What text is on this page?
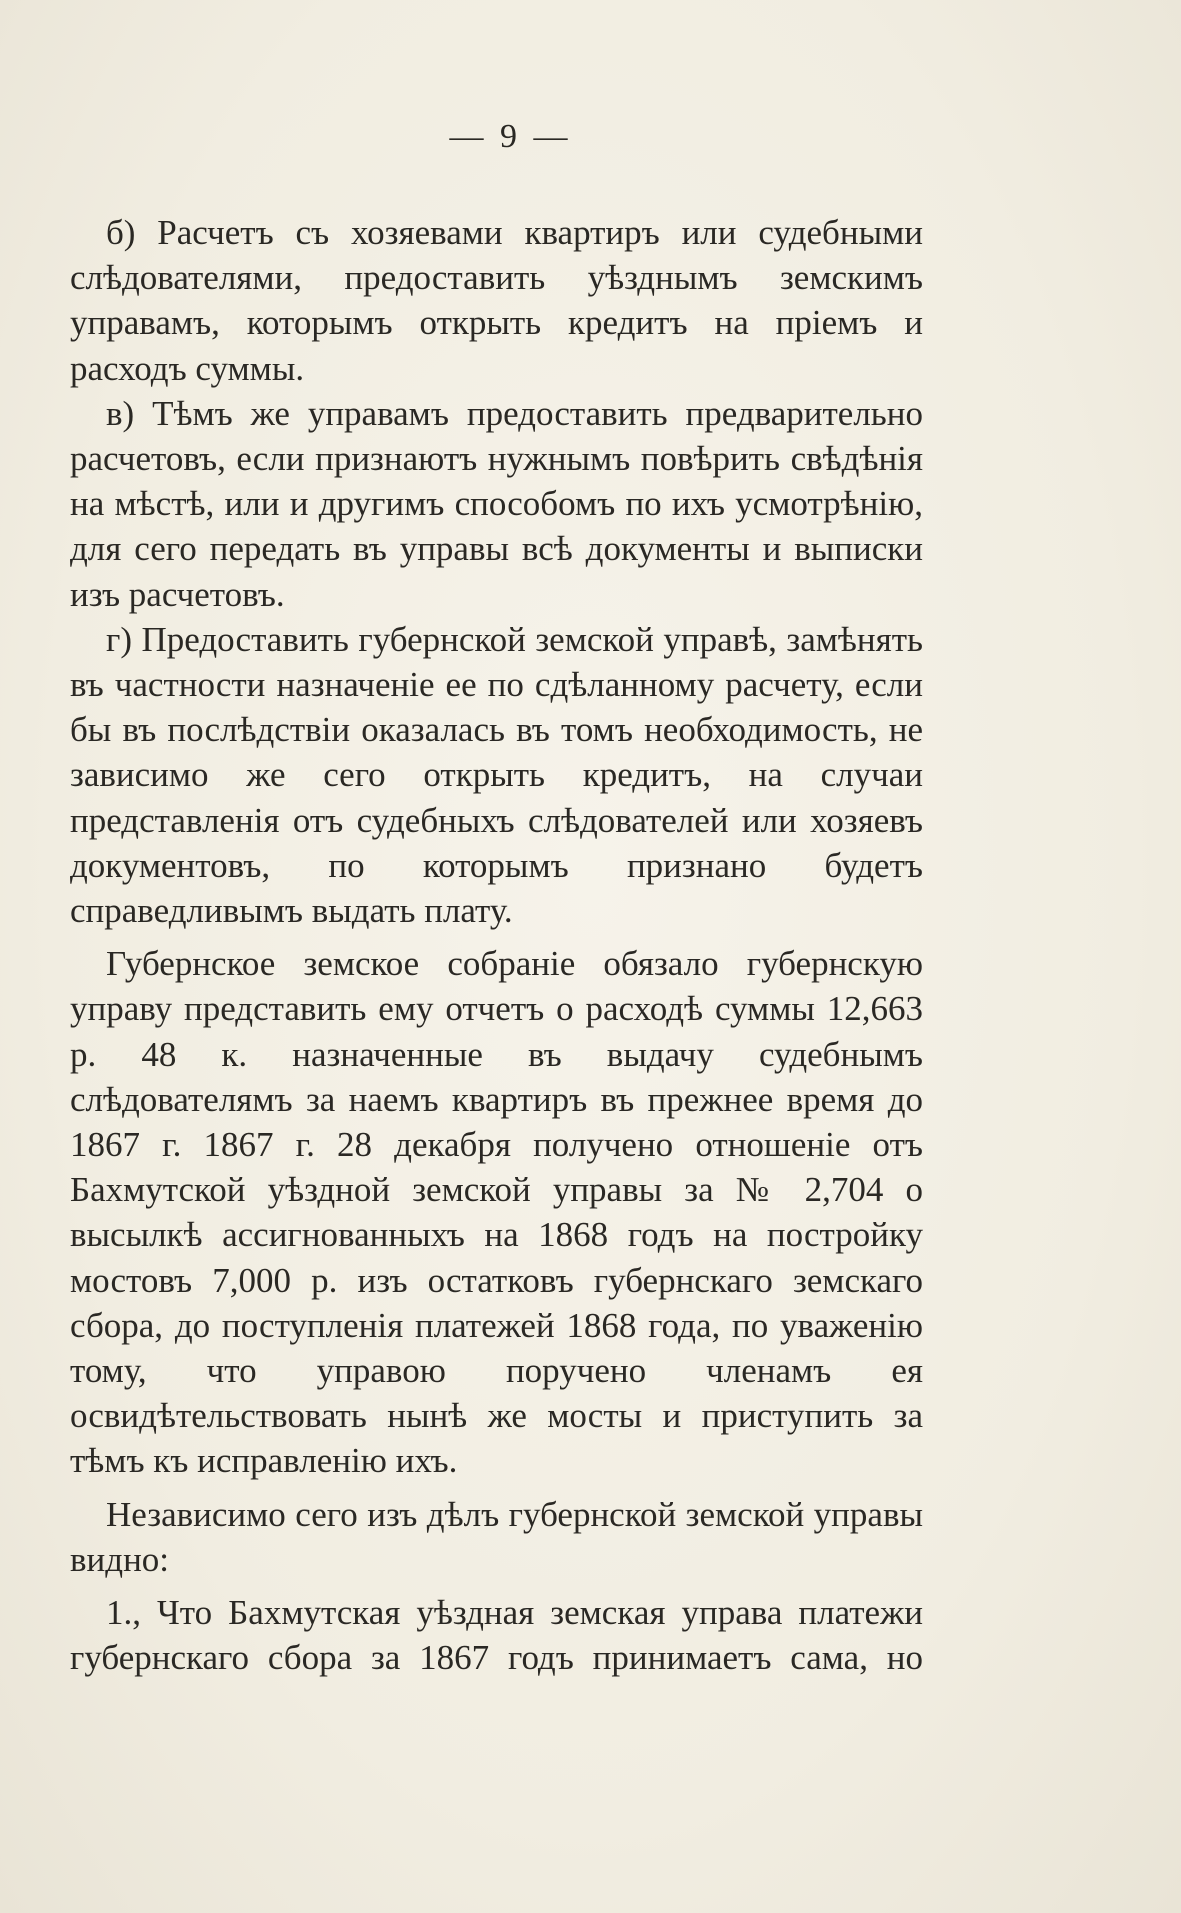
— 9 —

б) Расчетъ съ хозяевами квартиръ или судебными слѣдователями, предоставить уѣзднымъ земскимъ управамъ, которымъ открыть кредитъ на пріемъ и расходъ суммы.

в) Тѣмъ же управамъ предоставить предварительно расчетовъ, если признаютъ нужнымъ повѣрить свѣдѣнія на мѣстѣ, или и другимъ способомъ по ихъ усмотрѣнію, для сего передать въ управы всѣ документы и выписки изъ расчетовъ.

г) Предоставить губернской земской управѣ, замѣнять въ частности назначеніе ее по сдѣланному расчету, если бы въ послѣдствіи оказалась въ томъ необходимость, не зависимо же сего открыть кредитъ, на случаи представленія отъ судебныхъ слѣдователей или хозяевъ документовъ, по которымъ признано будетъ справедливымъ выдать плату.

Губернское земское собраніе обязало губернскую управу представить ему отчетъ о расходѣ суммы 12,663 р. 48 к. назначенные въ выдачу судебнымъ слѣдователямъ за наемъ квартиръ въ прежнее время до 1867 г. 1867 г. 28 декабря получено отношеніе отъ Бахмутской уѣздной земской управы за № 2,704 о высылкѣ ассигнованныхъ на 1868 годъ на постройку мостовъ 7,000 р. изъ остатковъ губернскаго земскаго сбора, до поступленія платежей 1868 года, по уваженію тому, что управою поручено членамъ ея освидѣтельствовать нынѣ же мосты и приступить за тѣмъ къ исправленію ихъ.

Независимо сего изъ дѣлъ губернской земской управы видно:

1., Что Бахмутская уѣздная земская управа платежи губернскаго сбора за 1867 годъ принимаетъ сама, но
